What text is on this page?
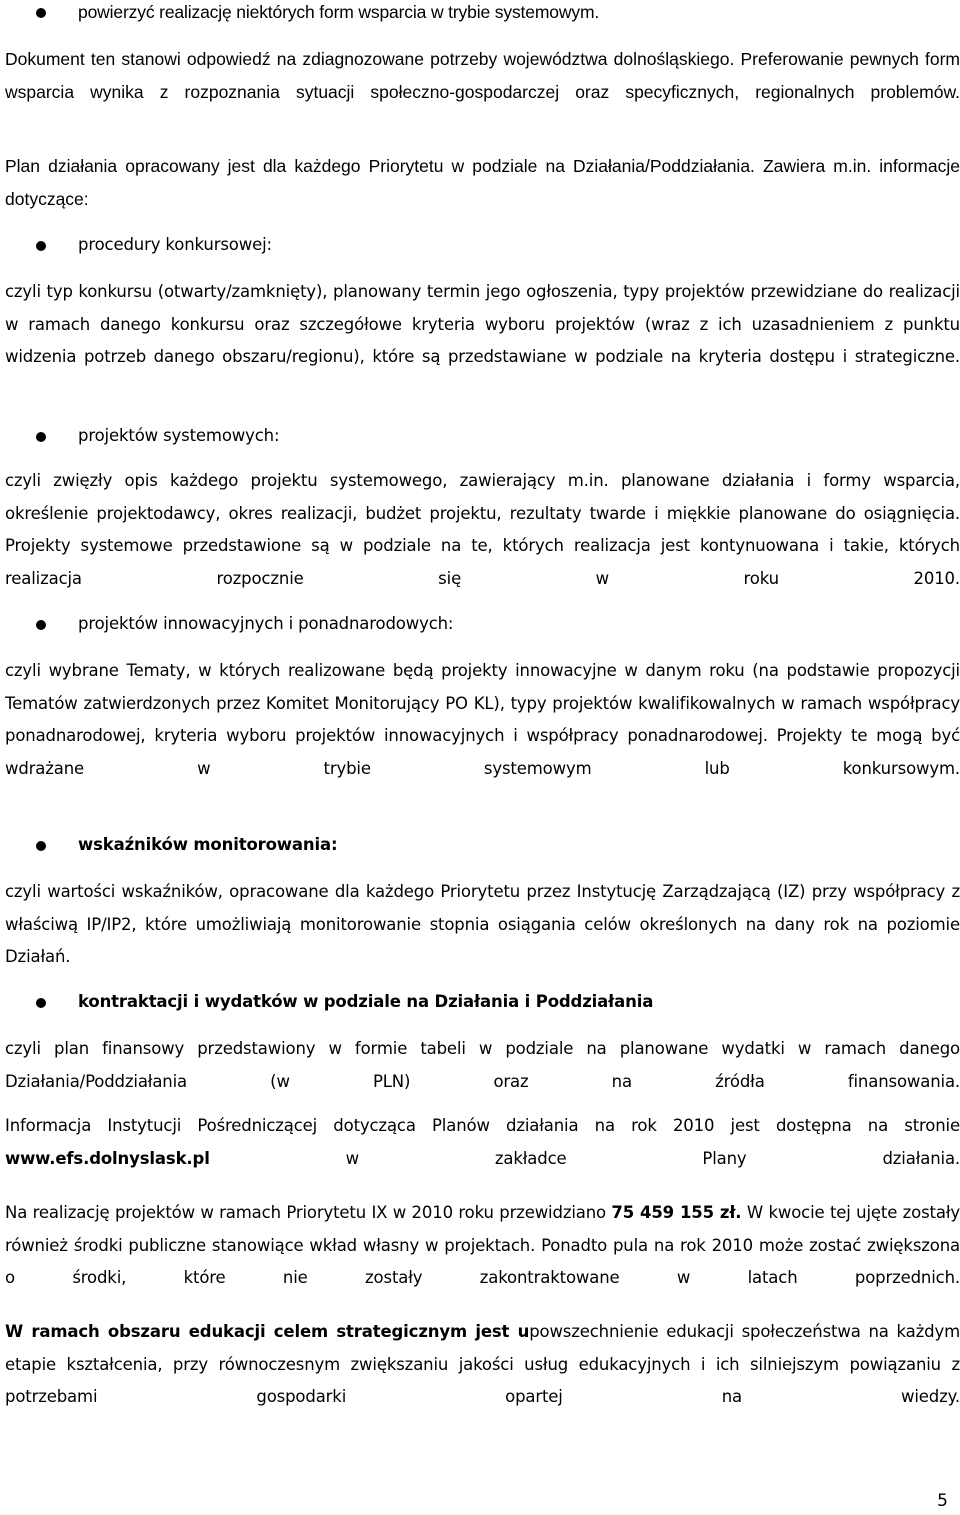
powierzyć realizację niektórych form wsparcia w trybie systemowym.

Dokument ten stanowi odpowiedź na zdiagnozowane potrzeby województwa dolnośląskiego. Preferowanie pewnych form wsparcia wynika z rozpoznania sytuacji społeczno-gospodarczej oraz specyficznych, regionalnych problemów.

Plan działania opracowany jest dla każdego Priorytetu w podziale na Działania/Poddziałania. Zawiera m.in. informacje dotyczące:

procedury konkursowej:

czyli typ konkursu (otwarty/zamknięty), planowany termin jego ogłoszenia, typy projektów przewidziane do realizacji w ramach danego konkursu oraz szczegółowe kryteria wyboru projektów (wraz z ich uzasadnieniem z punktu widzenia potrzeb danego obszaru/regionu), które są przedstawiane w podziale na kryteria dostępu i strategiczne.

projektów systemowych:

czyli zwięzły opis każdego projektu systemowego, zawierający m.in. planowane działania i formy wsparcia, określenie projektodawcy, okres realizacji, budżet projektu, rezultaty twarde i miękkie planowane do osiągnięcia. Projekty systemowe przedstawione są w podziale na te, których realizacja jest kontynuowana i takie, których realizacja rozpocznie się w roku 2010.

projektów innowacyjnych i ponadnarodowych:

czyli wybrane Tematy, w których realizowane będą projekty innowacyjne w danym roku (na podstawie propozycji Tematów zatwierdzonych przez Komitet Monitorujący PO KL), typy projektów kwalifikowalnych w ramach współpracy ponadnarodowej, kryteria wyboru projektów innowacyjnych i współpracy ponadnarodowej. Projekty te mogą być wdrażane w trybie systemowym lub konkursowym.

wskaźników monitorowania:

czyli wartości wskaźników, opracowane dla każdego Priorytetu przez Instytucję Zarządzającą (IZ) przy współpracy z właściwą IP/IP2, które umożliwiają monitorowanie stopnia osiągania celów określonych na dany rok na poziomie Działań.

kontraktacji i wydatków w podziale na Działania i Poddziałania

czyli plan finansowy przedstawiony w formie tabeli w podziale na planowane wydatki w ramach danego Działania/Poddziałania (w PLN) oraz na źródła finansowania.

Informacja Instytucji Pośredniczącej dotycząca Planów działania na rok 2010 jest dostępna na stronie www.efs.dolnyslask.pl w zakładce Plany działania.

Na realizację projektów w ramach Priorytetu IX w 2010 roku przewidziano 75 459 155 zł. W kwocie tej ujęte zostały również środki publiczne stanowiące wkład własny w projektach. Ponadto pula na rok 2010 może zostać zwiększona o środki, które nie zostały zakontraktowane w latach poprzednich.

W ramach obszaru edukacji celem strategicznym jest upowszechnienie edukacji społeczeństwa na każdym etapie kształcenia, przy równoczesnym zwiększaniu jakości usług edukacyjnych i ich silniejszym powiązaniu z potrzebami gospodarki opartej na wiedzy.

5
